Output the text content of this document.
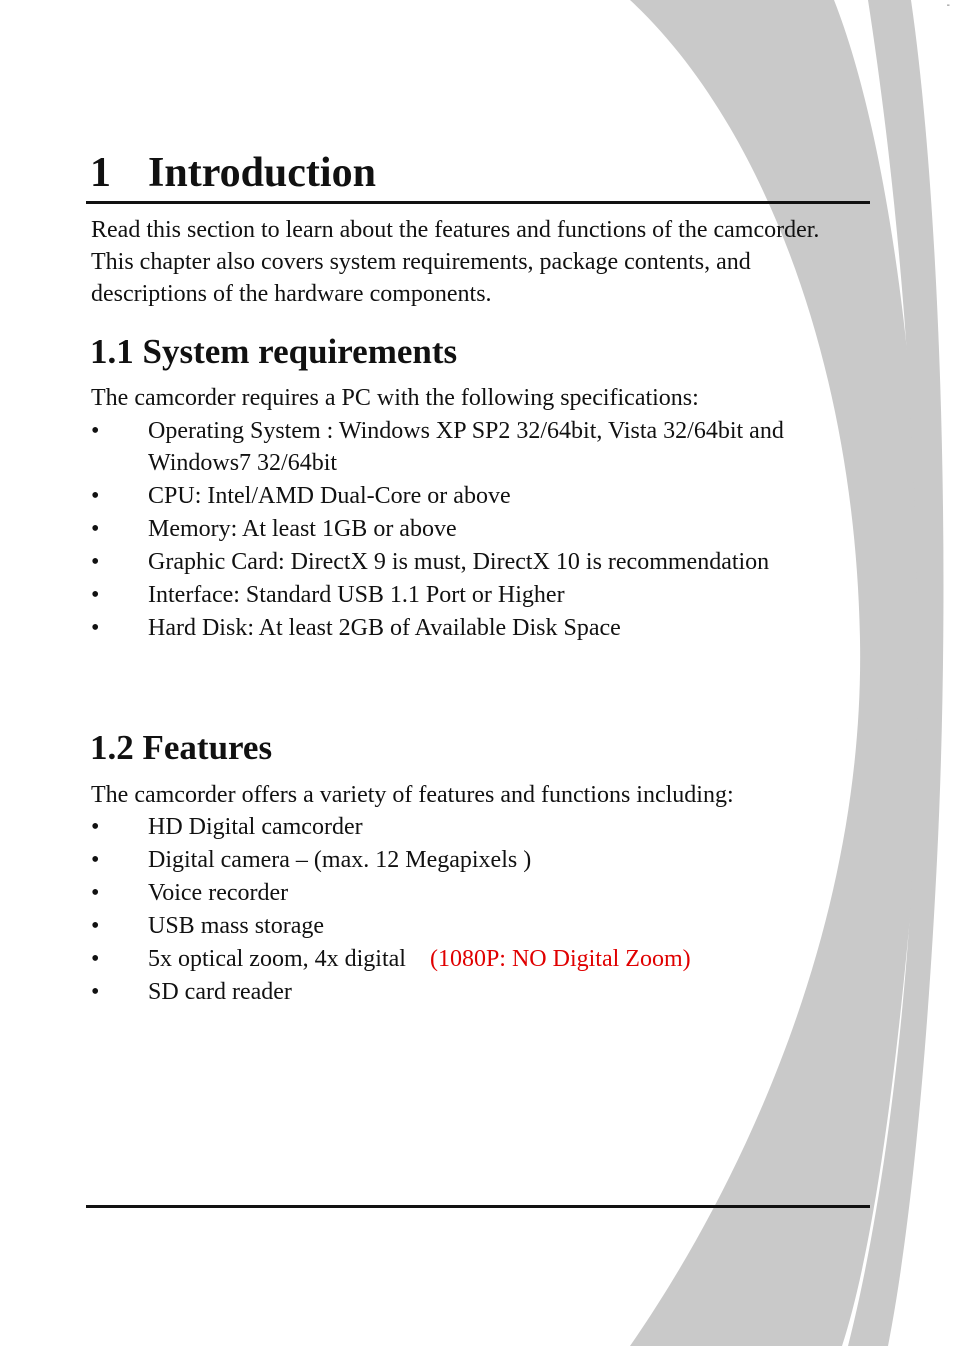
-
1 Introduction

Read this section to learn about the features and functions of the camcorder. This chapter also covers system requirements, package contents, and descriptions of the hardware components.

1.1 System requirements

The camcorder requires a PC with the following specifications:

•	Operating System : Windows XP SP2 32/64bit, Vista 32/64bit and Windows7 32/64bit
•	CPU: Intel/AMD Dual-Core or above
•	Memory: At least 1GB or above
•	Graphic Card: DirectX 9 is must, DirectX 10 is recommendation
•	Interface: Standard USB 1.1 Port or Higher
•	Hard Disk: At least 2GB of Available Disk Space
1.2 Features

The camcorder offers a variety of features and functions including:

•	HD Digital camcorder
•	Digital camera – (max. 12 Megapixels )
•	Voice recorder
•	USB mass storage
•	5x optical zoom, 4x digital (1080P: NO Digital Zoom)
•	SD card reader
